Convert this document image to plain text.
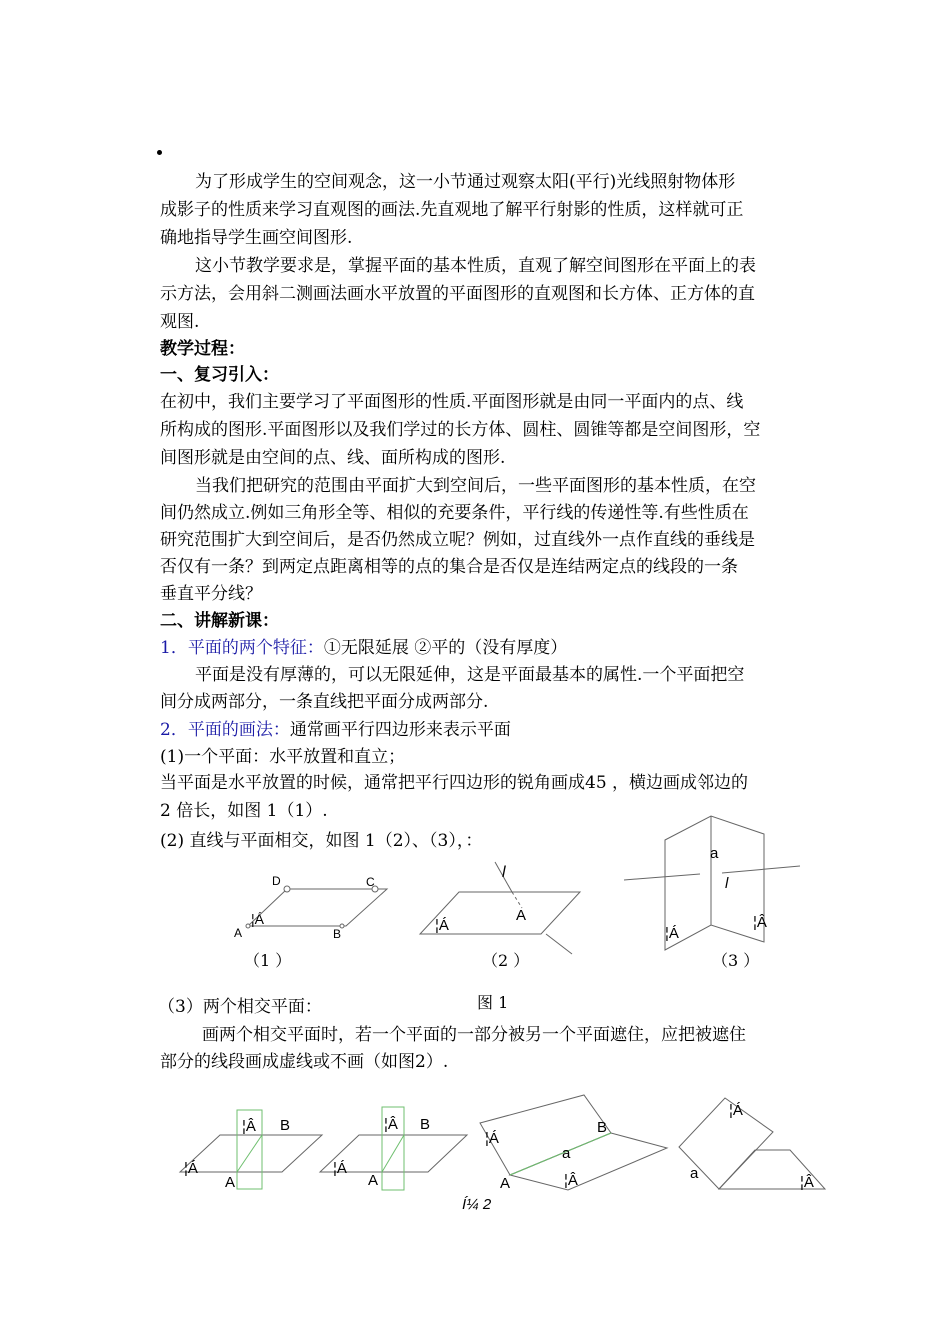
为了形成学生的空间观念，这一小节通过观察太阳(平行)光线照射物体形
成影子的性质来学习直观图的画法.先直观地了解平行射影的性质，这样就可正
确地指导学生画空间图形.
这小节教学要求是，掌握平面的基本性质，直观了解空间图形在平面上的表
示方法，会用斜二测画法画水平放置的平面图形的直观图和长方体、正方体的直
观图.
教学过程：
一、复习引入：
在初中，我们主要学习了平面图形的性质.平面图形就是由同一平面内的点、线
所构成的图形.平面图形以及我们学过的长方体、圆柱、圆锥等都是空间图形，空
间图形就是由空间的点、线、面所构成的图形.
当我们把研究的范围由平面扩大到空间后，一些平面图形的基本性质，在空
间仍然成立.例如三角形全等、相似的充要条件，平行线的传递性等.有些性质在
研究范围扩大到空间后，是否仍然成立呢？例如，过直线外一点作直线的垂线是
否仅有一条？到两定点距离相等的点的集合是否仅是连结两定点的线段的一条
垂直平分线？
二、讲解新课：
1．平面的两个特征：①无限延展 ②平的（没有厚度）
平面是没有厚薄的，可以无限延伸，这是平面最基本的属性.一个平面把空
间分成两部分，一条直线把平面分成两部分.
2．平面的画法：通常画平行四边形来表示平面
(1)一个平面：水平放置和直立；
当平面是水平放置的时候，通常把平行四边形的锐角画成45 ，横边画成邻边的
2 倍长，如图 1（1）.
(2) 直线与平面相交，如图 1（2）、（3），：
D	C
A	B
¦Á
l
A
¦Á
a
l
¦Á
¦Â
（1 ）	（2 ）	（3 ）
图 1
（3）两个相交平面：
画两个相交平面时，若一个平面的一部分被另一个平面遮住，应把被遮住
部分的线段画成虚线或不画（如图2）.
¦Â B
¦Á
A
¦Â B
¦Á
A
B
¦Á
a
A	¦Â
¦Á
a
¦Â
Í¼ 2
